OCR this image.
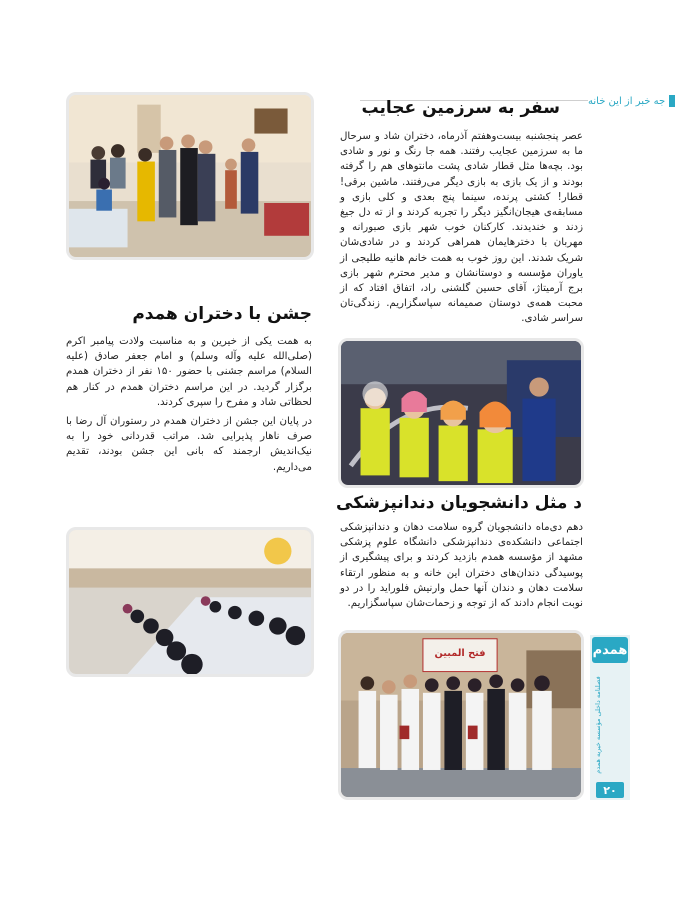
جه خبر از این خانه
سفر به سرزمین عجایب

عصر پنجشنبه بیست‌وهفتم آذرماه، دختران شاد و سرحال ما به سرزمین عجایب رفتند. همه جا رنگ و نور و شادی بود. بچه‌ها مثل قطار شادی پشت مانتوهای هم را گرفته بودند و از یک بازی به بازی دیگر می‌رفتند. ماشین برقی! قطار! کشتی پرنده، سینما پنج بعدی و کلی بازی و مسابقه‌ی هیجان‌انگیز دیگر را تجربه کردند و از ته دل جیغ زدند و خندیدند. کارکنان خوب شهر بازی صبورانه و مهربان با دخترهایمان همراهی کردند و در شادی‌شان شریک شدند. این روز خوب به همت خانم هانیه طلیجی از یاوران مؤسسه و دوستانشان و مدیر محترم شهر بازی برج آرمیتاژ، آقای حسین گلشنی راد، اتفاق افتاد که از محبت همه‌ی دوستان صمیمانه سپاسگزاریم. زندگی‌تان سراسر شادی.

جشن با دختران همدم

به همت یکی از خیرین و به مناسبت ولادت پیامبر اکرم (صلی‌الله علیه وآله وسلم) و امام جعفر صادق (علیه السلام) مراسم جشنی با حضور ۱۵۰ نفر از دختران همدم برگزار گردید. در این مراسم دختران همدم در کنار هم لحظاتی شاد و مفرح را سپری کردند.

در پایان این جشن از دختران همدم در رستوران آل رضا با صرف ناهار پذیرایی شد. مراتب قدردانی خود را به نیک‌اندیش ارجمند که بانی این جشن بودند، تقدیم می‌داریم.

د مثل دانشجویان دندانپزشکی

دهم دی‌ماه دانشجویان گروه سلامت دهان و دندانپزشکی اجتماعی دانشکده‌ی دندانپزشکی دانشگاه علوم پزشکی مشهد از مؤسسه همدم بازدید کردند و برای پیشگیری از پوسیدگی دندان‌های دختران این خانه و به منظور ارتقاء سلامت دهان و دندان آنها حمل وارنیش فلوراید را در دو نوبت انجام دادند که از توجه و زحمات‌شان سپاسگزاریم.

فتح المبین	همدم
فصلنامه داخلی مؤسسه خیریه همدم
۲۰
